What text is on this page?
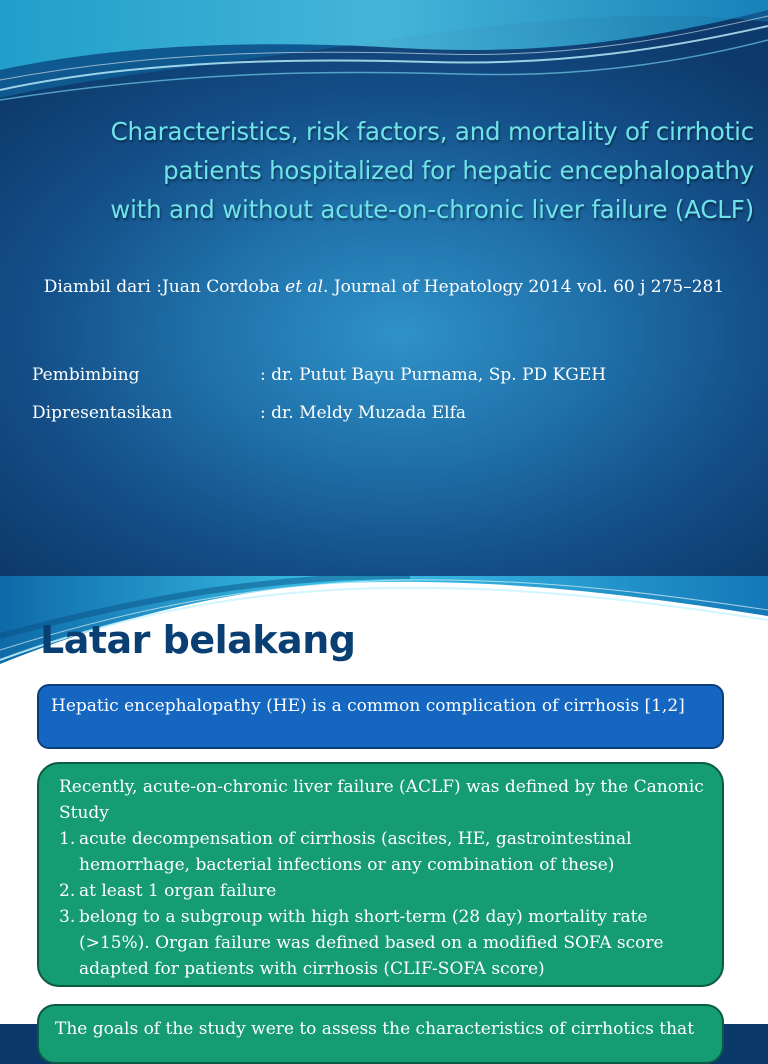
Characteristics, risk factors, and mortality of cirrhotic
patients hospitalized for hepatic encephalopathy
with and without acute-on-chronic liver failure (ACLF)
Diambil dari :Juan Cordoba et al. Journal of Hepatology 2014 vol. 60 j 275–281
Pembimbing	: dr. Putut Bayu Purnama, Sp. PD KGEH
Dipresentasikan	: dr. Meldy Muzada Elfa
Latar belakang
Hepatic encephalopathy (HE) is a common complication of cirrhosis [1,2]
Recently, acute-on-chronic liver failure (ACLF) was defined by the Canonic Study
1. acute decompensation of cirrhosis (ascites, HE, gastrointestinal hemorrhage, bacterial infections or any combination of these)
2. at least 1 organ failure
3. belong to a subgroup with high short-term (28 day) mortality rate (>15%). Organ failure was defined based on a modified SOFA score adapted for patients with cirrhosis (CLIF-SOFA score)
The goals of the study were to assess the characteristics of cirrhotics that
